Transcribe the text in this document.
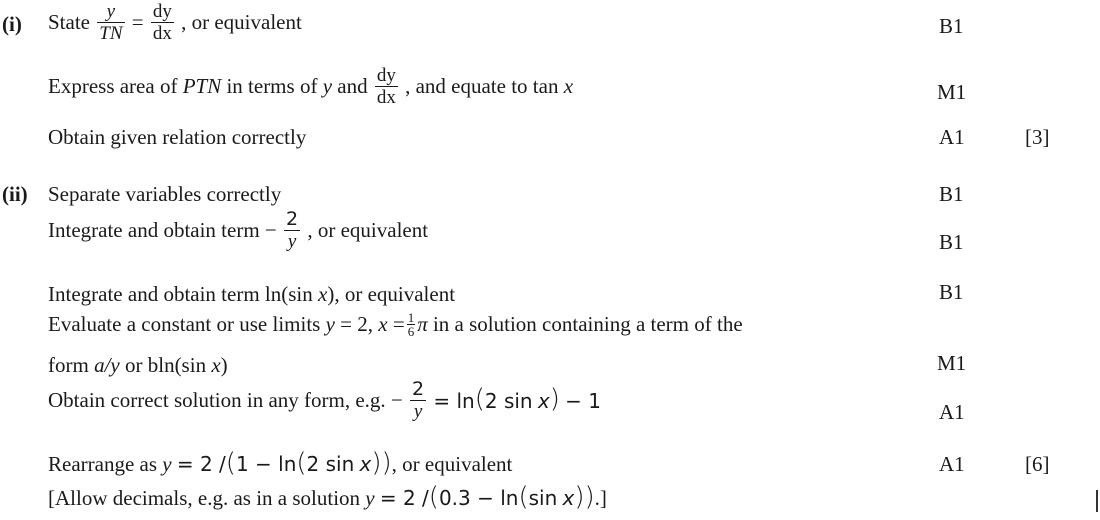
(i) State $\frac{y}{TN} = \frac{dy}{dx}$ , or equivalent	B1
Express area of PTN in terms of y and $\frac{dy}{dx}$ , and equate to tan x	M1
Obtain given relation correctly	A1	[3]
(ii) Separate variables correctly	B1
Integrate and obtain term − $\frac{2}{y}$ , or equivalent	B1
Integrate and obtain term ln(sin x), or equivalent	B1
Evaluate a constant or use limits y = 2, $x = \frac{1}{6}$ π in a solution containing a term of the
form a/y or bln(sin x)	M1
Obtain correct solution in any form, e.g. − $\frac{2}{y} = \ln(2$ sin x) − 1	A1
Rearrange as y = 2 /(1 − ln(2 sin x)), or equivalent	A1	[6]
[Allow decimals, e.g. as in a solution y = 2 /(0.3 − ln(sin x)).]
